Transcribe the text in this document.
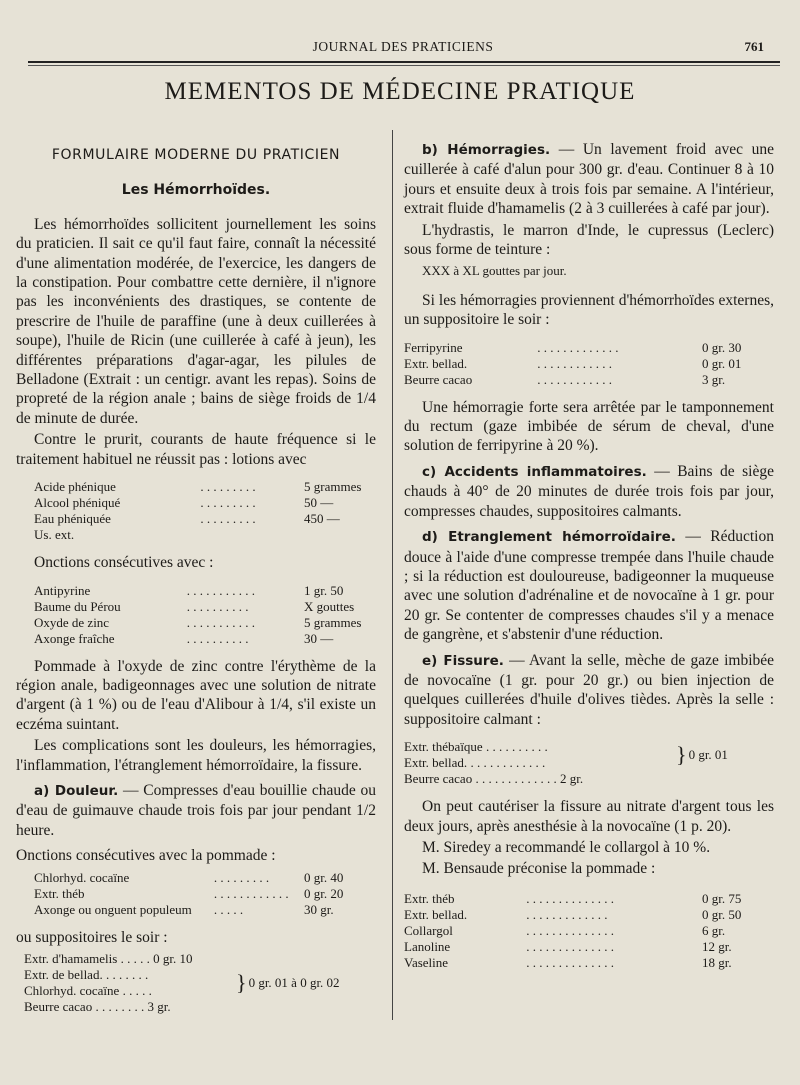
JOURNAL DES PRATICIENS	761
MEMENTOS DE MÉDECINE PRATIQUE
FORMULAIRE MODERNE DU PRATICIEN
Les Hémorrhoïdes.

Les hémorrhoïdes sollicitent journellement les soins du praticien. Il sait ce qu'il faut faire, connaît la nécessité d'une alimentation modérée, de l'exercice, les dangers de la constipation. Pour combattre cette dernière, il n'ignore pas les inconvénients des drastiques, se contente de prescrire de l'huile de paraffine (une à deux cuillerées à soupe), l'huile de Ricin (une cuillerée à café à jeun), les différentes préparations d'agar-agar, les pilules de Belladone (Extrait : un centigr. avant les repas). Soins de propreté de la région anale ; bains de siège froids de 1/4 de minute de durée.

Contre le prurit, courants de haute fréquence si le traitement habituel ne réussit pas : lotions avec

Acide phénique	. . . . . . . . .	5 grammes
Alcool phéniqué	. . . . . . . . .	50 —
Eau phéniquée	. . . . . . . . .	450 —
Us. ext.		

Onctions consécutives avec :

Antipyrine	. . . . . . . . . . .	1 gr. 50
Baume du Pérou	. . . . . . . . . .	X gouttes
Oxyde de zinc	. . . . . . . . . . .	5 grammes
Axonge fraîche	. . . . . . . . . .	30 —

Pommade à l'oxyde de zinc contre l'érythème de la région anale, badigeonnages avec une solution de nitrate d'argent (à 1 %) ou de l'eau d'Alibour à 1/4, s'il existe un eczéma suintant.

Les complications sont les douleurs, les hémorragies, l'inflammation, l'étranglement hémorroïdaire, la fissure.

a) Douleur. — Compresses d'eau bouillie chaude ou d'eau de guimauve chaude trois fois par jour pendant 1/2 heure.

Onctions consécutives avec la pommade :

Chlorhyd. cocaïne	. . . . . . . . .	0 gr. 40
Extr. théb	. . . . . . . . . . . .	0 gr. 20
Axonge ou onguent populeum	. . . . .	30 gr.

ou suppositoires le soir :

Extr. d'hamamelis . . . . . 0 gr. 10
Extr. de bellad. . . . . . . .
Chlorhyd. cocaïne . . . . .	} 0 gr. 01 à 0 gr. 02
Beurre cacao . . . . . . . . 3 gr.

b) Hémorragies. — Un lavement froid avec une cuillerée à café d'alun pour 300 gr. d'eau. Continuer 8 à 10 jours et ensuite deux à trois fois par semaine. A l'intérieur, extrait fluide d'hamamelis (2 à 3 cuillerées à café par jour).

L'hydrastis, le marron d'Inde, le cupressus (Leclerc) sous forme de teinture :

XXX à XL gouttes par jour.

Si les hémorragies proviennent d'hémorrhoïdes externes, un suppositoire le soir :

Ferripyrine	. . . . . . . . . . . . .	0 gr. 30
Extr. bellad.	. . . . . . . . . . . .	0 gr. 01
Beurre cacao	. . . . . . . . . . . .	3 gr.

Une hémorragie forte sera arrêtée par le tamponnement du rectum (gaze imbibée de sérum de cheval, d'une solution de ferripyrine à 20 %).

c) Accidents inflammatoires. — Bains de siège chauds à 40° de 20 minutes de durée trois fois par jour, compresses chaudes, suppositoires calmants.

d) Etranglement hémorroïdaire. — Réduction douce à l'aide d'une compresse trempée dans l'huile chaude ; si la réduction est douloureuse, badigeonner la muqueuse avec une solution d'adrénaline et de novocaïne à 1 gr. pour 20 gr. Se contenter de compresses chaudes s'il y a menace de gangrène, et s'abstenir d'une réduction.

e) Fissure. — Avant la selle, mèche de gaze imbibée de novocaïne (1 gr. pour 20 gr.) ou bien injection de quelques cuillerées d'huile d'olives tièdes. Après la selle : suppositoire calmant :

Extr. thébaïque . . . . . . . . . .
Extr. bellad. . . . . . . . . . . . .	} 0 gr. 01
Beurre cacao . . . . . . . . . . . . . 2 gr.

On peut cautériser la fissure au nitrate d'argent tous les deux jours, après anesthésie à la novocaïne (1 p. 20).

M. Siredey a recommandé le collargol à 10 %.

M. Bensaude préconise la pommade :

Extr. théb	. . . . . . . . . . . . . .	0 gr. 75
Extr. bellad.	. . . . . . . . . . . . .	0 gr. 50
Collargol	. . . . . . . . . . . . . .	6 gr.
Lanoline	. . . . . . . . . . . . . .	12 gr.
Vaseline	. . . . . . . . . . . . . .	18 gr.
